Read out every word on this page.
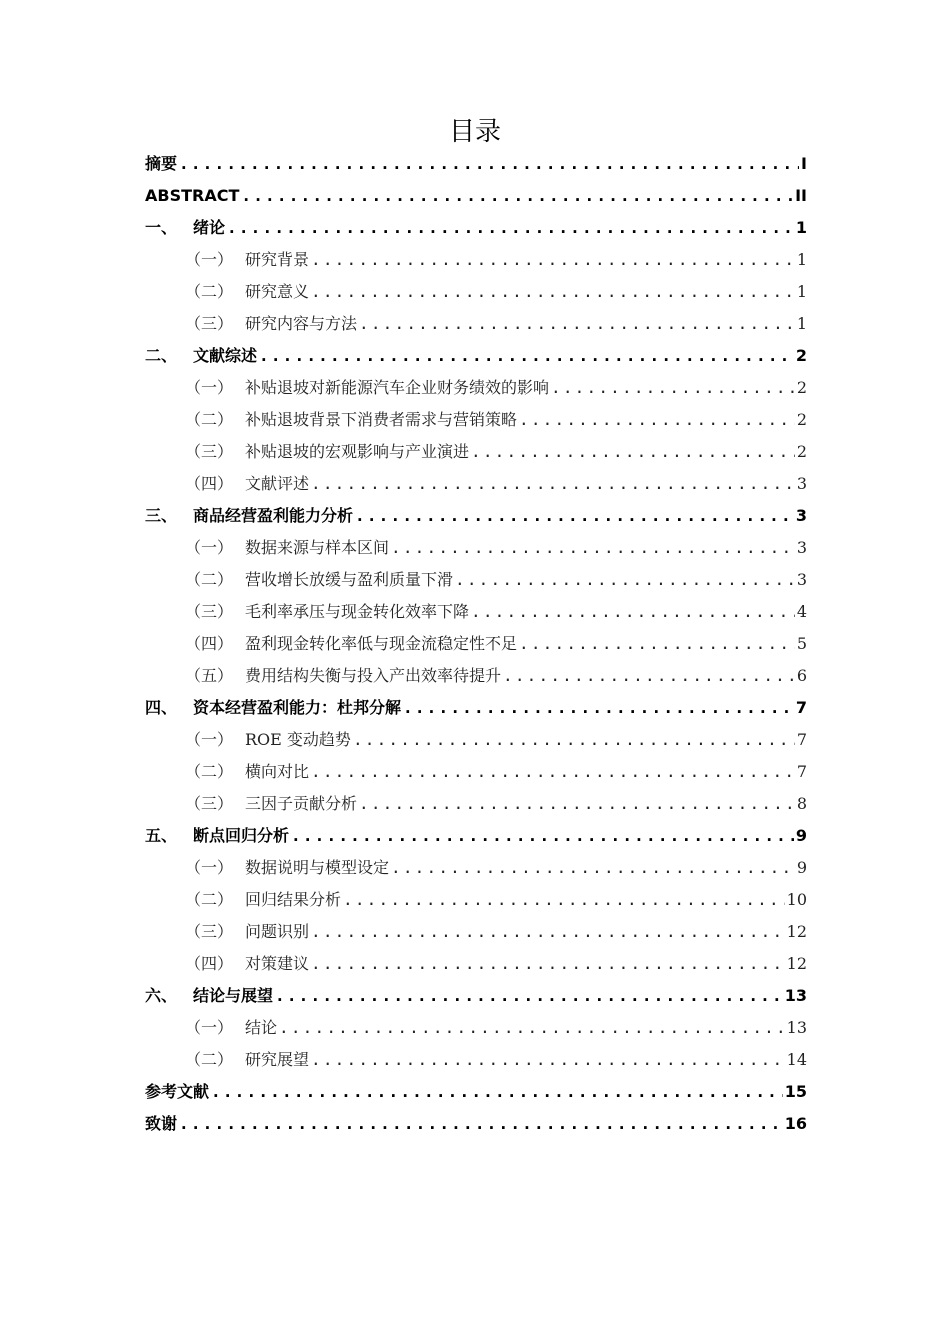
目录
摘要 .....	I
ABSTRACT .....	II
一、 绪论 .....	1
（一） 研究背景 .....	1
（二） 研究意义 .....	1
（三） 研究内容与方法 .....	1
二、 文献综述 .....	2
（一） 补贴退坡对新能源汽车企业财务绩效的影响 .....	2
（二） 补贴退坡背景下消费者需求与营销策略 .....	2
（三） 补贴退坡的宏观影响与产业演进 .....	2
（四） 文献评述 .....	3
三、 商品经营盈利能力分析 .....	3
（一） 数据来源与样本区间 .....	3
（二） 营收增长放缓与盈利质量下滑 .....	3
（三） 毛利率承压与现金转化效率下降 .....	4
（四） 盈利现金转化率低与现金流稳定性不足 .....	5
（五） 费用结构失衡与投入产出效率待提升 .....	6
四、 资本经营盈利能力：杜邦分解 .....	7
（一） ROE 变动趋势 .....	7
（二） 横向对比 .....	7
（三） 三因子贡献分析 .....	8
五、 断点回归分析 .....	9
（一） 数据说明与模型设定 .....	9
（二） 回归结果分析 .....	10
（三） 问题识别 .....	12
（四） 对策建议 .....	12
六、 结论与展望 .....	13
（一） 结论 .....	13
（二） 研究展望 .....	14
参考文献 .....	15
致谢 .....	16
